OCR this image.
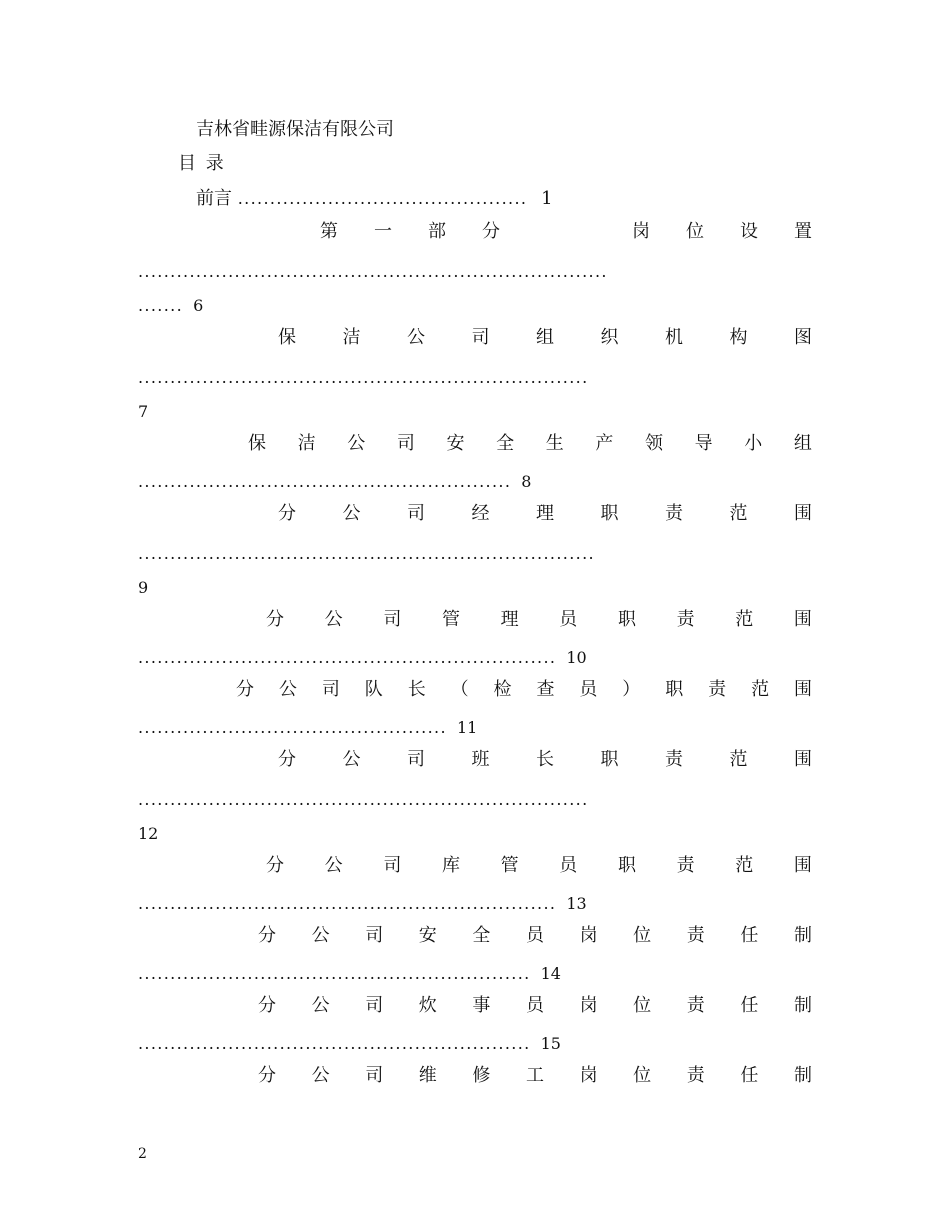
吉林省畦源保洁有限公司
目 录
前言 ............................................. 1
第 一 部 分	岗 位 设 置
.........................................................................
....... 6
保	洁	公	司	组	织	机	构	图
......................................................................
7
保 洁 公 司 安 全 生 产 领 导 小 组
.......................................................... 8
分	公	司	经	理	职	责	范	围
.......................................................................
9
分 公 司 管 理 员 职 责 范 围
................................................................. 10
分 公 司 队 长 （ 检 查 员 ） 职 责 范 围
................................................ 11
分	公	司	班	长	职	责	范	围
......................................................................
12
分 公 司 库 管 员 职 责 范 围
................................................................. 13
分 公 司 安 全 员 岗 位 责 任 制
............................................................. 14
分 公 司 炊 事 员 岗 位 责 任 制
............................................................. 15
分 公 司 维 修 工 岗 位 责 任 制
2
